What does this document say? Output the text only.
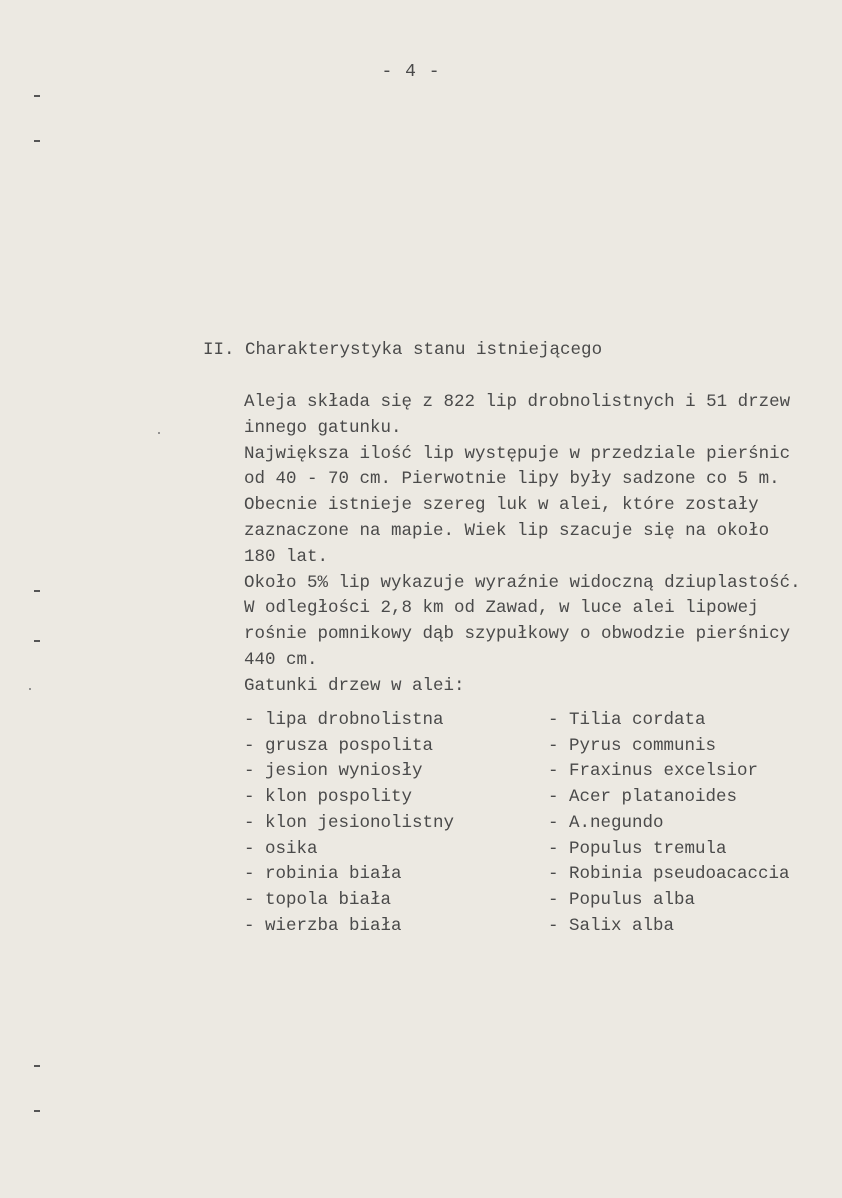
- 4 -
II. Charakterystyka stanu istniejącego

Aleja składa się z 822 lip drobnolistnych i 51 drzew

innego gatunku.

Największa ilość lip występuje w przedziale pierśnic

od 40 - 70 cm. Pierwotnie lipy były sadzone co 5 m.

Obecnie istnieje szereg luk w alei, które zostały

zaznaczone na mapie. Wiek lip szacuje się na około

180 lat.

Około 5% lip wykazuje wyraźnie widoczną dziuplastość.

W odległości 2,8 km od Zawad, w luce alei lipowej

rośnie pomnikowy dąb szypułkowy o obwodzie pierśnicy

440 cm.

Gatunki drzew w alei:

- lipa drobnolistna	- Tilia cordata
- grusza pospolita	- Pyrus communis
- jesion wyniosły	- Fraxinus excelsior
- klon pospolity	- Acer platanoides
- klon jesionolistny	- A.negundo
- osika	- Populus tremula
- robinia biała	- Robinia pseudoacaccia
- topola biała	- Populus alba
- wierzba biała	- Salix alba
